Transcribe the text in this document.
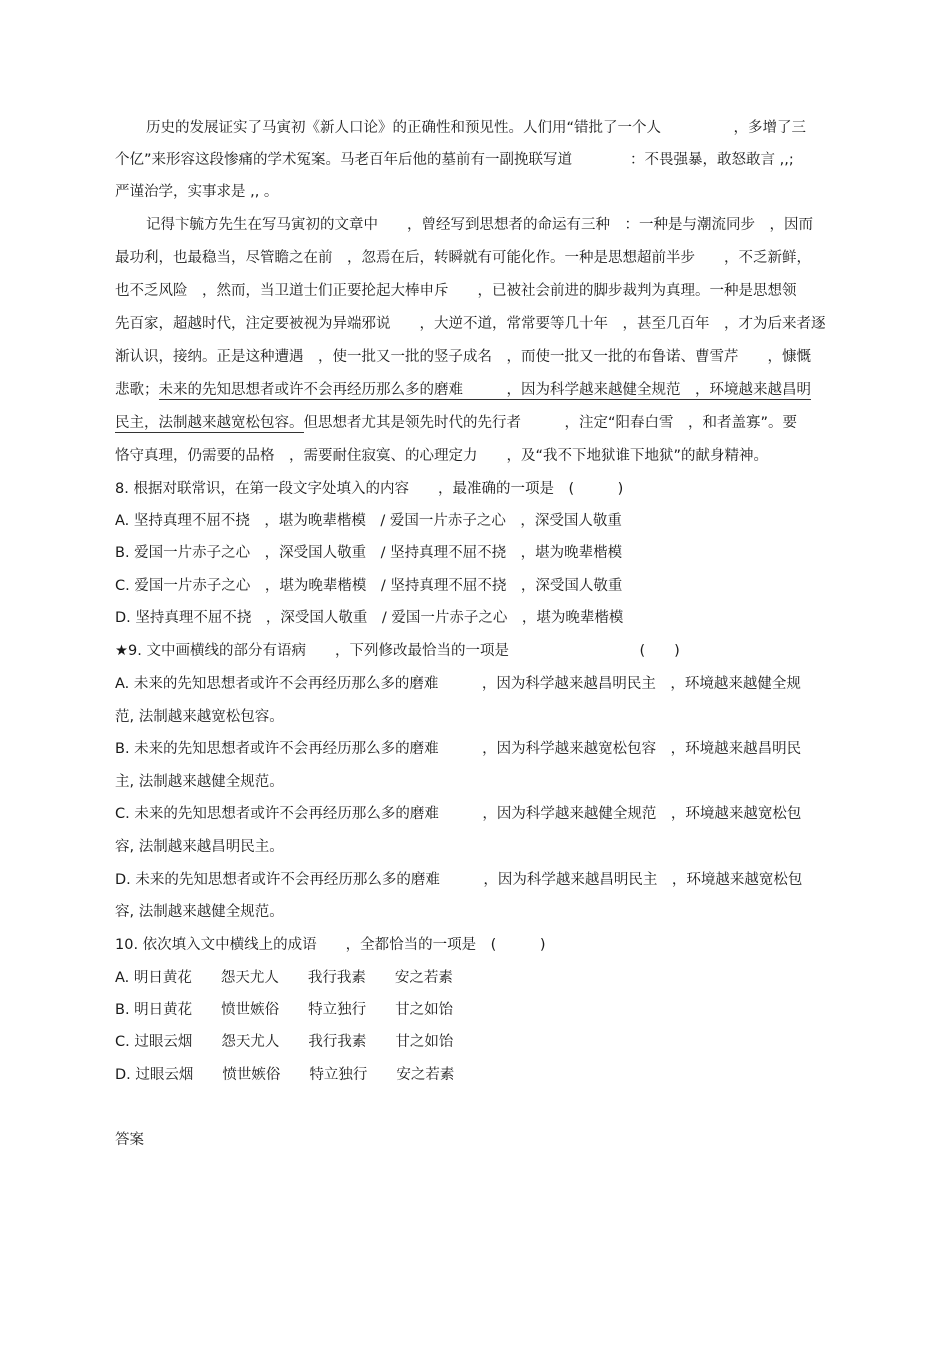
历史的发展证实了马寅初《新人口论》的正确性和预见性。人们用“错批了一个人　　　　　，多增了三
个亿”来形容这段惨痛的学术冤案。马老百年后他的墓前有一副挽联写道　　　　：不畏强暴，敢怒敢言 ,,;
严谨治学，实事求是 ,, 。
记得卞毓方先生在写马寅初的文章中　　，曾经写到思想者的命运有三种　：一种是与潮流同步　，因而
最功利，也最稳当，尽管瞻之在前　，忽焉在后，转瞬就有可能化作。一种是思想超前半步　　，不乏新鲜，
也不乏风险　，然而，当卫道士们正要抡起大棒申斥　　，已被社会前进的脚步裁判为真理。一种是思想领
先百家，超越时代，注定要被视为异端邪说　　，大逆不道，常常要等几十年　，甚至几百年　，才为后来者逐
渐认识，接纳。正是这种遭遇　，使一批又一批的竖子成名　，而使一批又一批的布鲁诺、曹雪芹　　，慷慨
悲歌；未来的先知思想者或许不会再经历那么多的磨难　　　，因为科学越来越健全规范　，环境越来越昌明
民主，法制越来越宽松包容。但思想者尤其是领先时代的先行者　　　，注定“阳春白雪　，和者盖寡”。要
恪守真理，仍需要的品格　，需要耐住寂寞、的心理定力　　，及“我不下地狱谁下地狱”的献身精神。
8. 根据对联常识，在第一段文字处填入的内容　　，最准确的一项是　(　　　)
A. 坚持真理不屈不挠　，堪为晚辈楷模　/ 爱国一片赤子之心　，深受国人敬重
B. 爱国一片赤子之心　，深受国人敬重　/ 坚持真理不屈不挠　，堪为晚辈楷模
C. 爱国一片赤子之心　，堪为晚辈楷模　/ 坚持真理不屈不挠　，深受国人敬重
D. 坚持真理不屈不挠　，深受国人敬重　/ 爱国一片赤子之心　，堪为晚辈楷模
★9. 文中画横线的部分有语病　　，下列修改最恰当的一项是　　　　　　　　　(　　)
A. 未来的先知思想者或许不会再经历那么多的磨难　　　，因为科学越来越昌明民主　，环境越来越健全规
范, 法制越来越宽松包容。
B. 未来的先知思想者或许不会再经历那么多的磨难　　　，因为科学越来越宽松包容　，环境越来越昌明民
主, 法制越来越健全规范。
C. 未来的先知思想者或许不会再经历那么多的磨难　　　，因为科学越来越健全规范　，环境越来越宽松包
容, 法制越来越昌明民主。
D. 未来的先知思想者或许不会再经历那么多的磨难　　　，因为科学越来越昌明民主　，环境越来越宽松包
容, 法制越来越健全规范。
10. 依次填入文中横线上的成语　　，全都恰当的一项是　(　　　)
A. 明日黄花　　怨天尤人　　我行我素　　安之若素
B. 明日黄花　　愤世嫉俗　　特立独行　　甘之如饴
C. 过眼云烟　　怨天尤人　　我行我素　　甘之如饴
D. 过眼云烟　　愤世嫉俗　　特立独行　　安之若素
答案
